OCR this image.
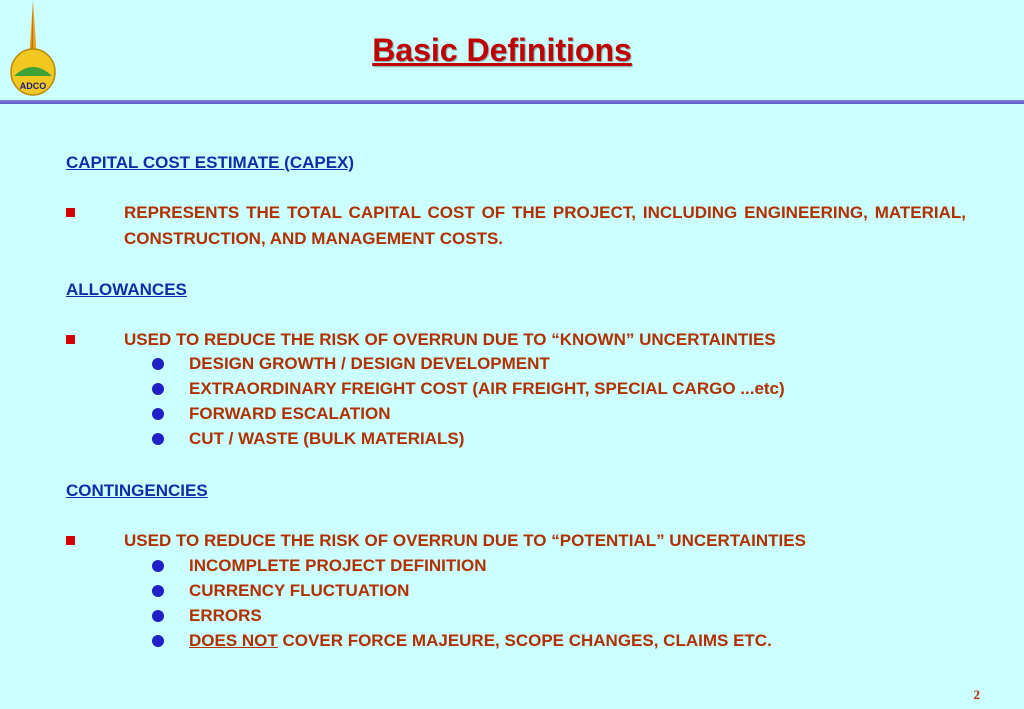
ADCO
Basic Definitions
CAPITAL COST ESTIMATE (CAPEX)
REPRESENTS THE TOTAL CAPITAL COST OF THE PROJECT, INCLUDING ENGINEERING, MATERIAL, CONSTRUCTION, AND MANAGEMENT COSTS.
ALLOWANCES
USED TO REDUCE THE RISK OF OVERRUN DUE TO “KNOWN” UNCERTAINTIES
DESIGN GROWTH / DESIGN DEVELOPMENT
EXTRAORDINARY FREIGHT COST (AIR FREIGHT, SPECIAL CARGO ...etc)
FORWARD ESCALATION
CUT / WASTE (BULK MATERIALS)
CONTINGENCIES
USED TO REDUCE THE RISK OF OVERRUN DUE TO “POTENTIAL” UNCERTAINTIES
INCOMPLETE PROJECT DEFINITION
CURRENCY FLUCTUATION
ERRORS
DOES NOT COVER FORCE MAJEURE, SCOPE CHANGES, CLAIMS ETC.
2
